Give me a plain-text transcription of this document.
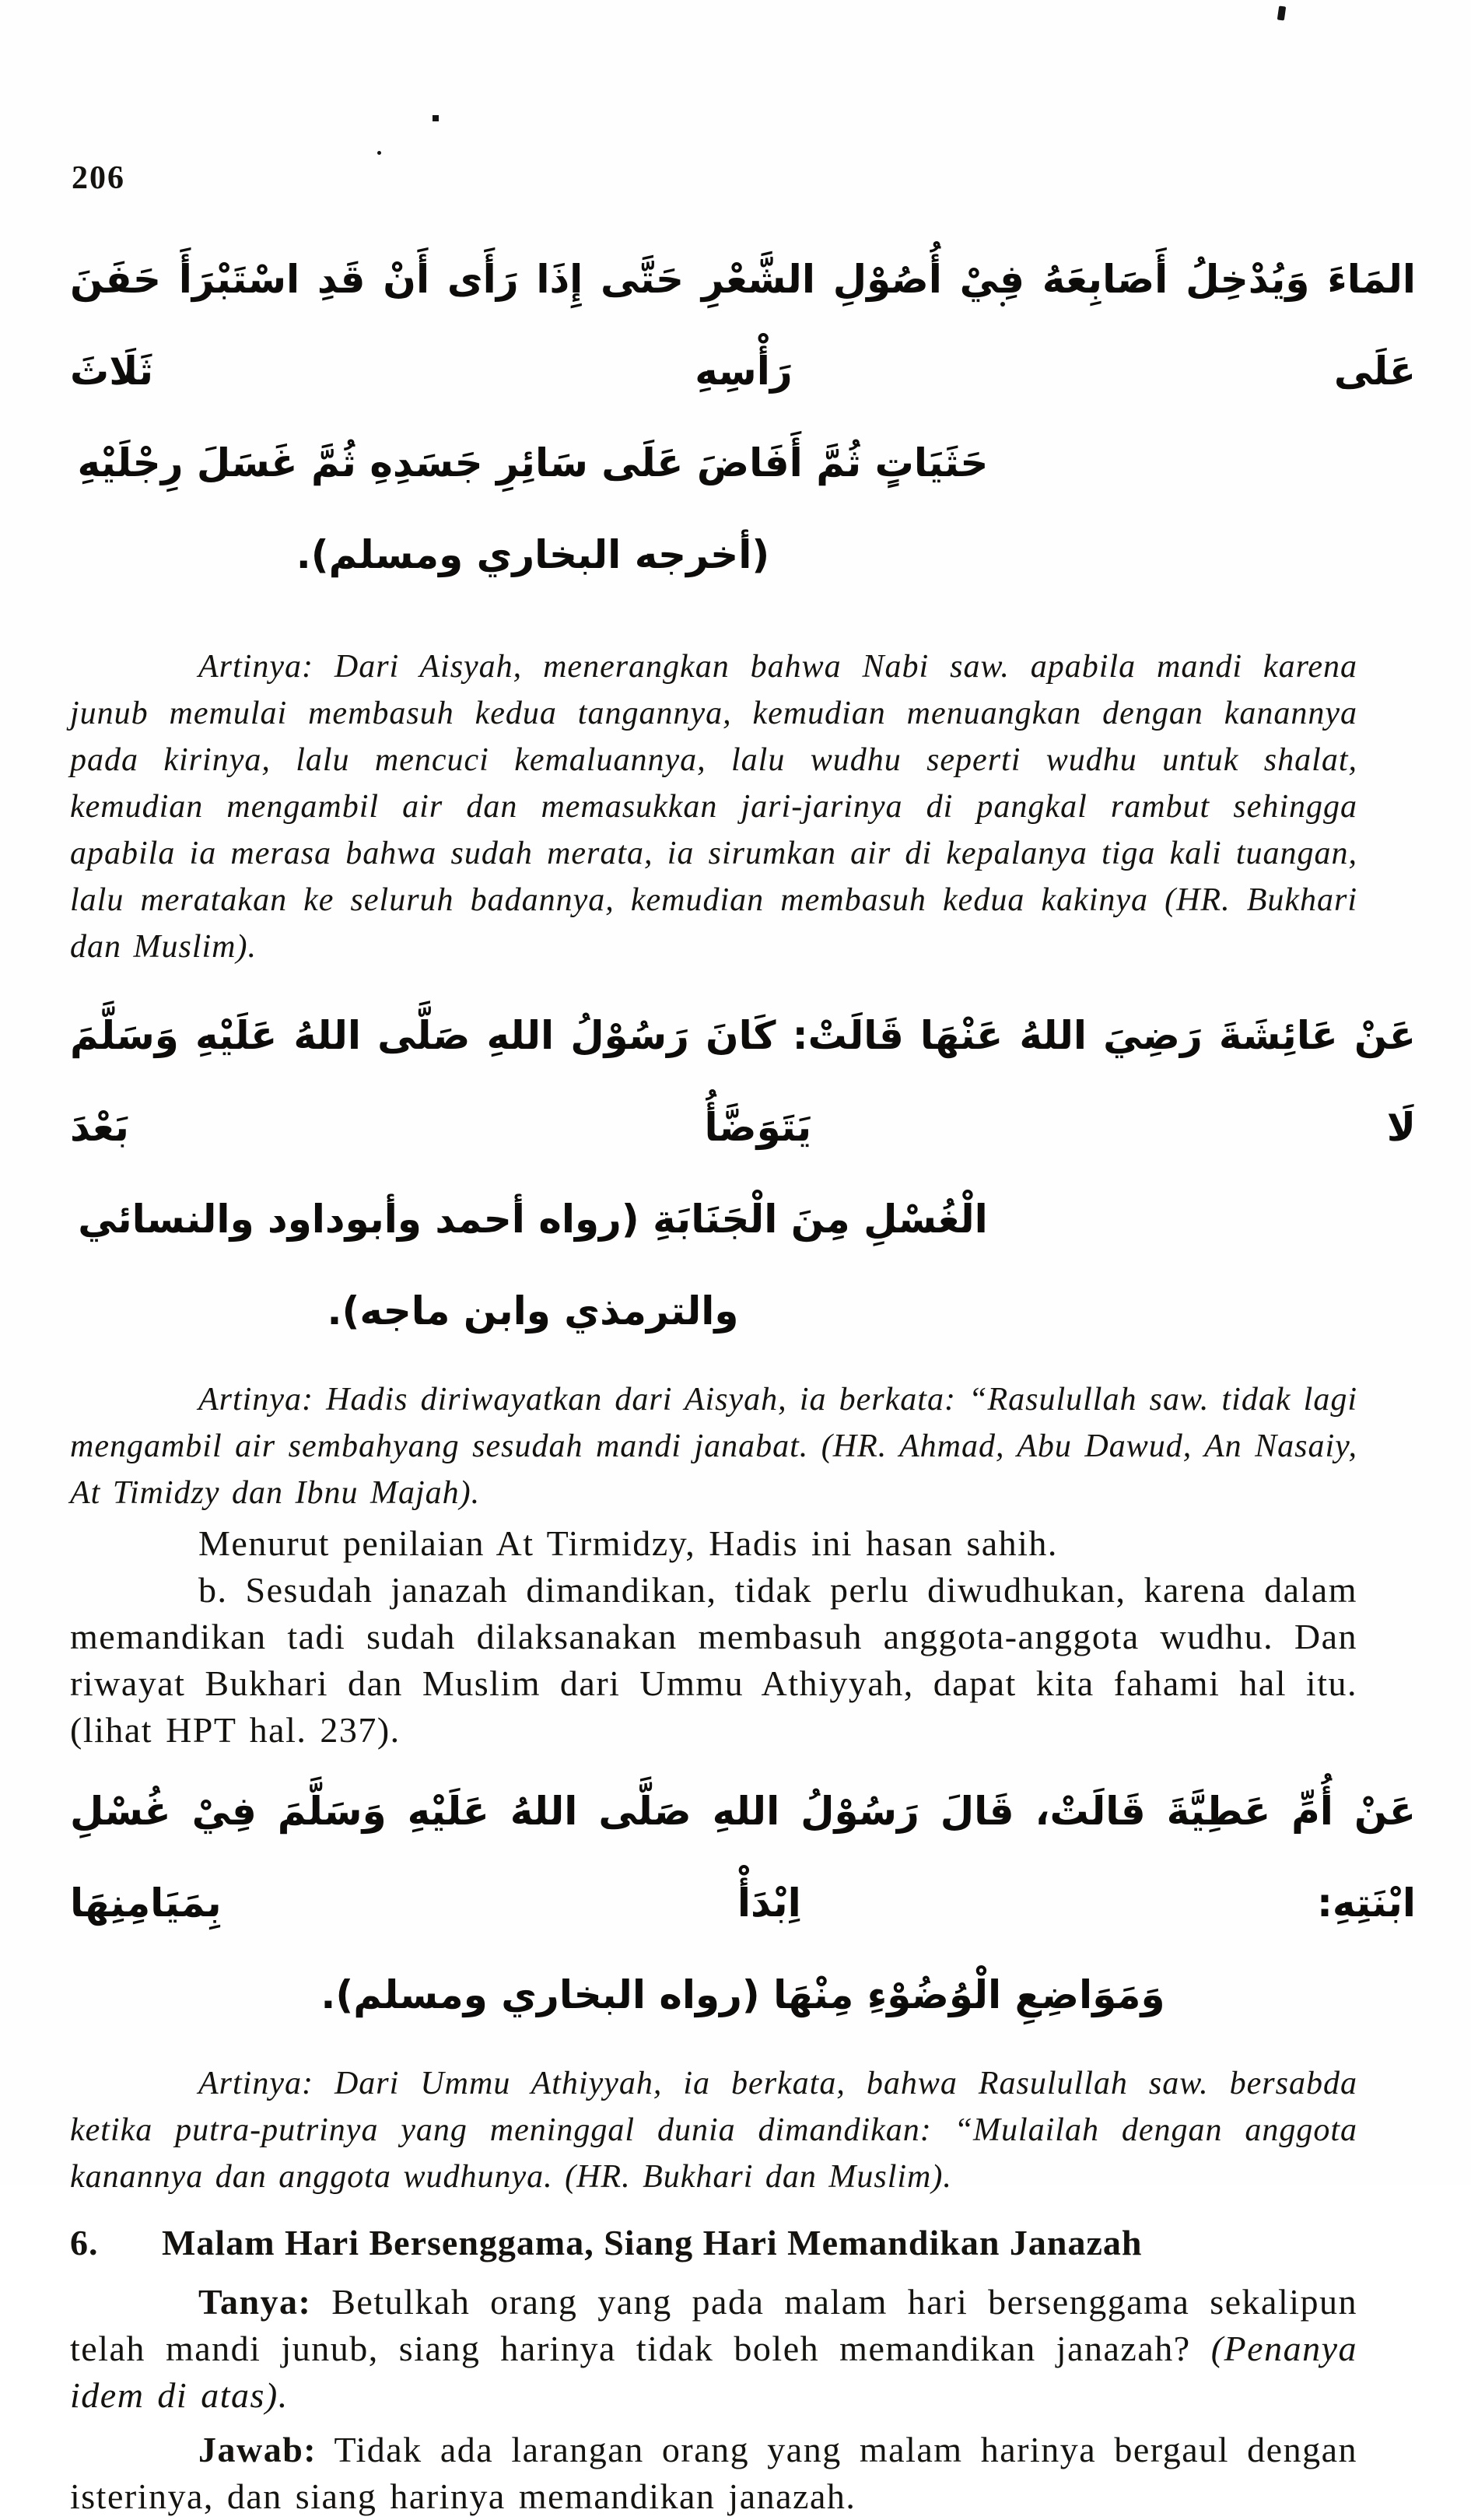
206
المَاءَ وَيُدْخِلُ أَصَابِعَهُ فِيْ أُصُوْلِ الشَّعْرِ حَتَّى إِذَا رَأَى أَنْ قَدِ اسْتَبْرَأَ حَفَنَ عَلَى رَأْسِهِ ثَلَاثَ
حَثَيَاتٍ ثُمَّ أَفَاضَ عَلَى سَائِرِ جَسَدِهِ ثُمَّ غَسَلَ رِجْلَيْهِ (أخرجه البخاري ومسلم).

Artinya: Dari Aisyah, menerangkan bahwa Nabi saw. apabila mandi karena junub memulai membasuh kedua tangannya, kemudian menuangkan dengan kanannya pada kirinya, lalu mencuci kemaluannya, lalu wudhu seperti wudhu untuk shalat, kemudian mengambil air dan memasukkan jari-jarinya di pangkal rambut sehingga apabila ia merasa bahwa sudah merata, ia sirumkan air di kepalanya tiga kali tuangan, lalu meratakan ke seluruh badannya, kemudian membasuh kedua kakinya (HR. Bukhari dan Muslim).

عَنْ عَائِشَةَ رَضِيَ اللهُ عَنْهَا قَالَتْ: كَانَ رَسُوْلُ اللهِ صَلَّى اللهُ عَلَيْهِ وَسَلَّمَ لَا يَتَوَضَّأُ بَعْدَ
الْغُسْلِ مِنَ الْجَنَابَةِ (رواه أحمد وأبوداود والنسائي والترمذي وابن ماجه).

Artinya: Hadis diriwayatkan dari Aisyah, ia berkata: “Rasulullah saw. tidak lagi mengambil air sembahyang sesudah mandi janabat. (HR. Ahmad, Abu Dawud, An Nasaiy, At Timidzy dan Ibnu Majah).

Menurut penilaian At Tirmidzy, Hadis ini hasan sahih.

b. Sesudah janazah dimandikan, tidak perlu diwudhukan, karena dalam memandikan tadi sudah dilaksanakan membasuh anggota-anggota wudhu. Dan riwayat Bukhari dan Muslim dari Ummu Athiyyah, dapat kita fahami hal itu. (lihat HPT hal. 237).

عَنْ أُمِّ عَطِيَّةَ قَالَتْ، قَالَ رَسُوْلُ اللهِ صَلَّى اللهُ عَلَيْهِ وَسَلَّمَ فِيْ غُسْلِ ابْنَتِهِ: اِبْدَأْ بِمَيَامِنِهَا
وَمَوَاضِعِ الْوُضُوْءِ مِنْهَا (رواه البخاري ومسلم).

Artinya: Dari Ummu Athiyyah, ia berkata, bahwa Rasulullah saw. bersabda ketika putra-putrinya yang meninggal dunia dimandikan: “Mulailah dengan anggota kanannya dan anggota wudhunya. (HR. Bukhari dan Muslim).

6. Malam Hari Bersenggama, Siang Hari Memandikan Janazah

Tanya: Betulkah orang yang pada malam hari bersenggama sekalipun telah mandi junub, siang harinya tidak boleh memandikan janazah? (Penanya idem di atas).

Jawab: Tidak ada larangan orang yang malam harinya bergaul dengan isterinya, dan siang harinya memandikan janazah.
